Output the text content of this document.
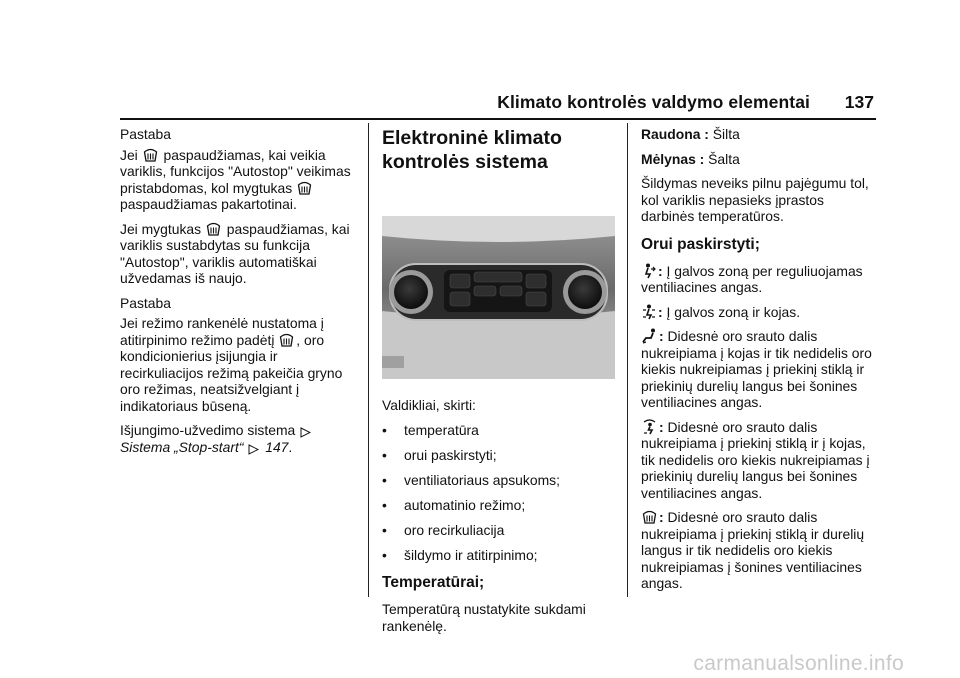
Klimato kontrolės valdymo elementai 137

Pastaba

Jei paspaudžiamas, kai veikia variklis, funkcijos "Autostop" veikimas pristabdomas, kol mygtukas  paspaudžiamas pakartotinai.

Jei mygtukas paspaudžiamas, kai variklis sustabdytas su funkcija "Autostop", variklis automatiškai užvedamas iš naujo.

Pastaba

Jei režimo rankenėlė nustatoma į atitirpinimo režimo padėtį , oro kondicionierius įsijungia ir recirkuliacijos režimą pakeičia gryno oro režimas, neatsižvelgiant į indikatoriaus būseną.

Išjungimo-užvedimo sistema
Sistema „Stop-start“ 147.

Elektroninė klimato kontrolės sistema

Valdikliai, skirti:

• temperatūra
• orui paskirstyti;
• ventiliatoriaus apsukoms;
• automatinio režimo;
• oro recirkuliacija
• šildymo ir atitirpinimo;
Temperatūrai;

Temperatūrą nustatykite sukdami rankenėlę.

Raudona : Šilta

Mėlynas : Šalta

Šildymas neveiks pilnu pajėgumu tol, kol variklis nepasieks įprastos darbinės temperatūros.

Orui paskirstyti;

: Į galvos zoną per reguliuojamas ventiliacines angas.

: Į galvos zoną ir kojas.

: Didesnė oro srauto dalis nukreipiama į kojas ir tik nedidelis oro kiekis nukreipiamas į priekinį stiklą ir priekinių durelių langus bei šonines ventiliacines angas.

: Didesnė oro srauto dalis nukreipiama į priekinį stiklą ir į kojas, tik nedidelis oro kiekis nukreipiamas į priekinių durelių langus bei šonines ventiliacines angas.

: Didesnė oro srauto dalis nukreipiama į priekinį stiklą ir durelių langus ir tik nedidelis oro kiekis nukreipiamas į šonines ventiliacines angas.

carmanualsonline.info
